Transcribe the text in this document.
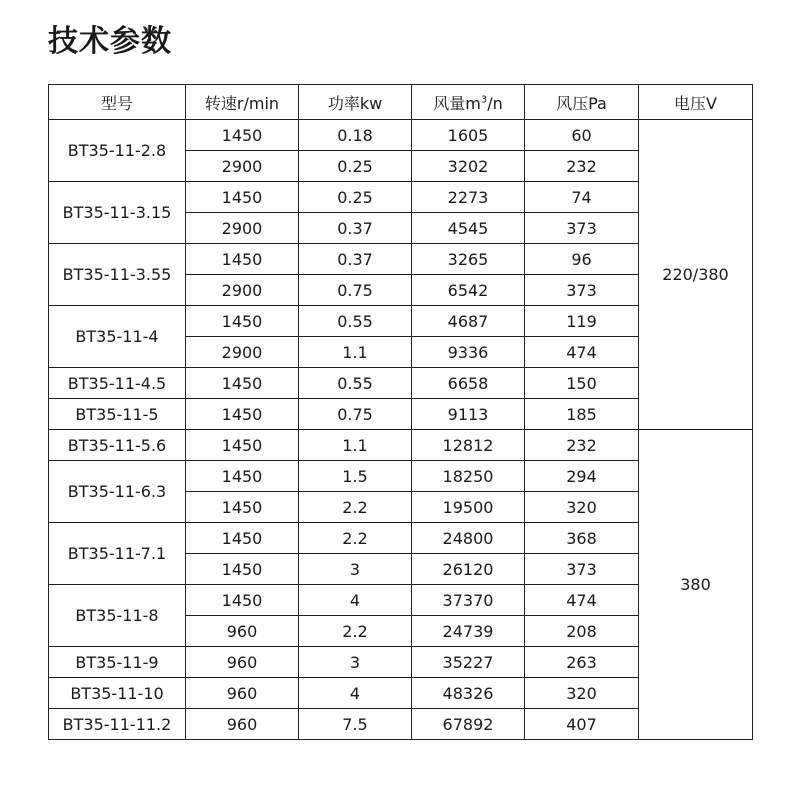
技术参数
型号	转速r/min	功率kw	风量$m^3/n$	风压Pa	电压V
BT35-11-2.8	1450	0.18	1605	60	220/380
	2900	0.25	3202	232	
BT35-11-3.15	1450	0.25	2273	74	
	2900	0.37	4545	373	
BT35-11-3.55	1450	0.37	3265	96	
	2900	0.75	6542	373	
BT35-11-4	1450	0.55	4687	119	
	2900	1.1	9336	474	
BT35-11-4.5	1450	0.55	6658	150	
BT35-11-5	1450	0.75	9113	185	
BT35-11-5.6	1450	1.1	12812	232	380
BT35-11-6.3	1450	1.5	18250	294	
	1450	2.2	19500	320	
BT35-11-7.1	1450	2.2	24800	368	
	1450	3	26120	373	
BT35-11-8	1450	4	37370	474	
	960	2.2	24739	208	
BT35-11-9	960	3	35227	263	
BT35-11-10	960	4	48326	320	
BT35-11-11.2	960	7.5	67892	407	
